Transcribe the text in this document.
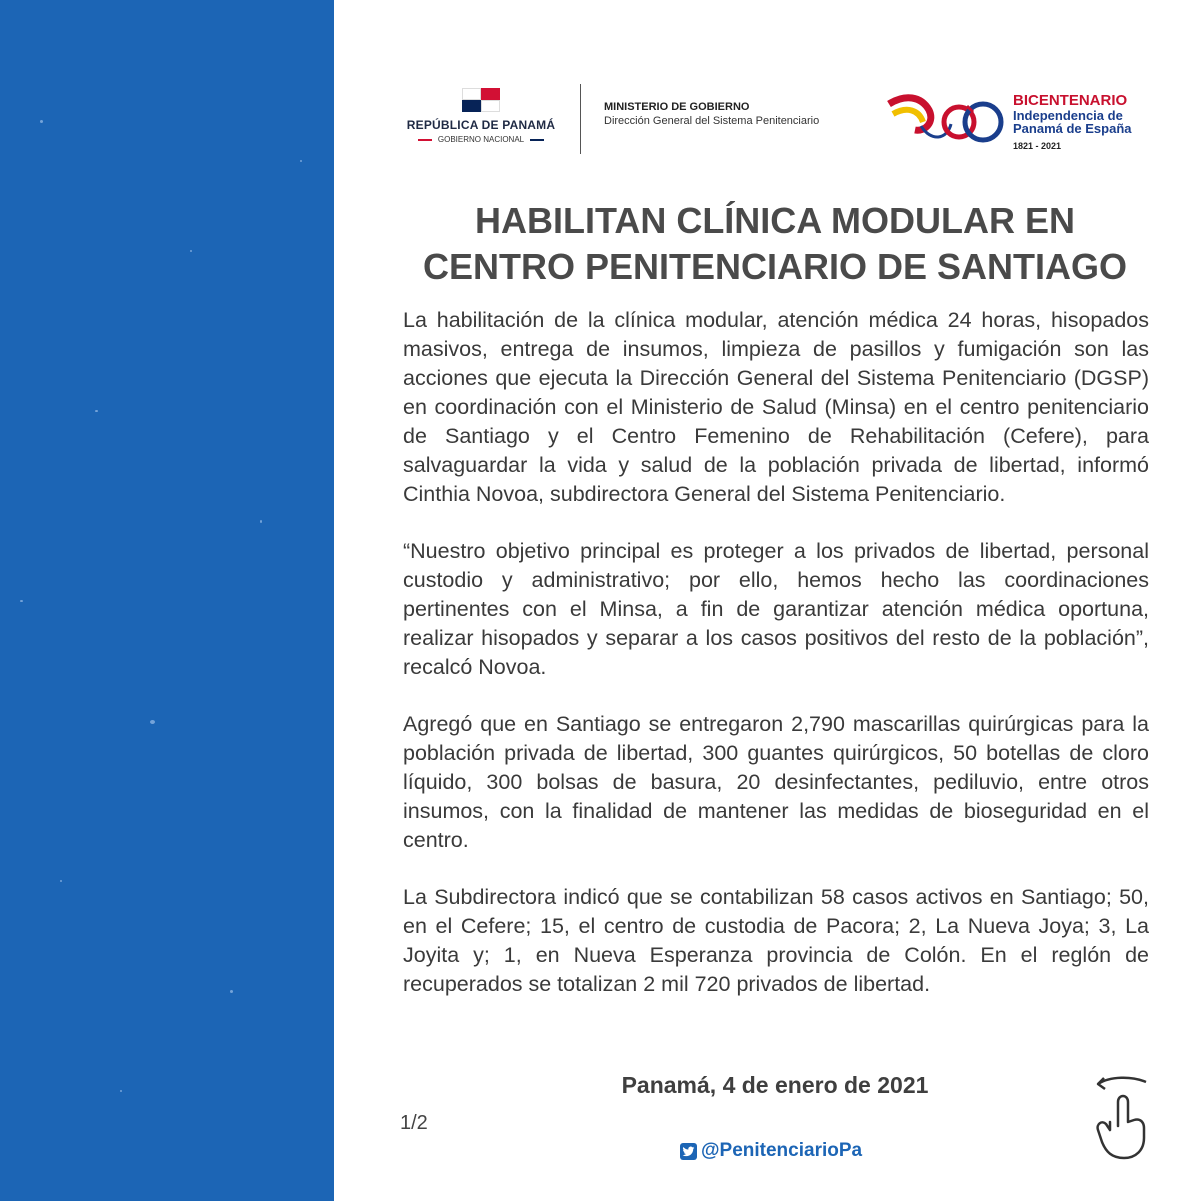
REPÚBLICA DE PANAMÁ
GOBIERNO NACIONAL
MINISTERIO DE GOBIERNO
Dirección General del Sistema Penitenciario
BICENTENARIO
Independencia de
Panamá de España
1821 - 2021
HABILITAN CLÍNICA MODULAR EN
CENTRO PENITENCIARIO DE SANTIAGO

La habilitación de la clínica modular, atención médica 24 horas, hisopados masivos, entrega de insumos, limpieza de pasillos y fumigación son las acciones que ejecuta la Dirección General del Sistema Penitenciario (DGSP) en coordinación con el Ministerio de Salud (Minsa) en el centro penitenciario de Santiago y el Centro Femenino de Rehabilitación (Cefere), para salvaguardar la vida y salud de la población privada de libertad, informó Cinthia Novoa, subdirectora General del Sistema Penitenciario.

“Nuestro objetivo principal es proteger a los privados de libertad, personal custodio y administrativo; por ello, hemos hecho las coordinaciones pertinentes con el Minsa, a fin de garantizar atención médica oportuna, realizar hisopados y separar a los casos positivos del resto de la población”, recalcó Novoa.

Agregó que en Santiago se entregaron 2,790 mascarillas quirúrgicas para la población privada de libertad, 300 guantes quirúrgicos, 50 botellas de cloro líquido, 300 bolsas de basura, 20 desinfectantes, pediluvio, entre otros insumos, con la finalidad de mantener las medidas de bioseguridad en el centro.

La Subdirectora indicó que se contabilizan 58 casos activos en Santiago; 50, en el Cefere; 15, el centro de custodia de Pacora; 2, La Nueva Joya; 3, La Joyita y; 1, en Nueva Esperanza provincia de Colón. En el reglón de recuperados se totalizan 2 mil 720 privados de libertad.

Panamá, 4 de enero de 2021
1/2
@PenitenciarioPa
